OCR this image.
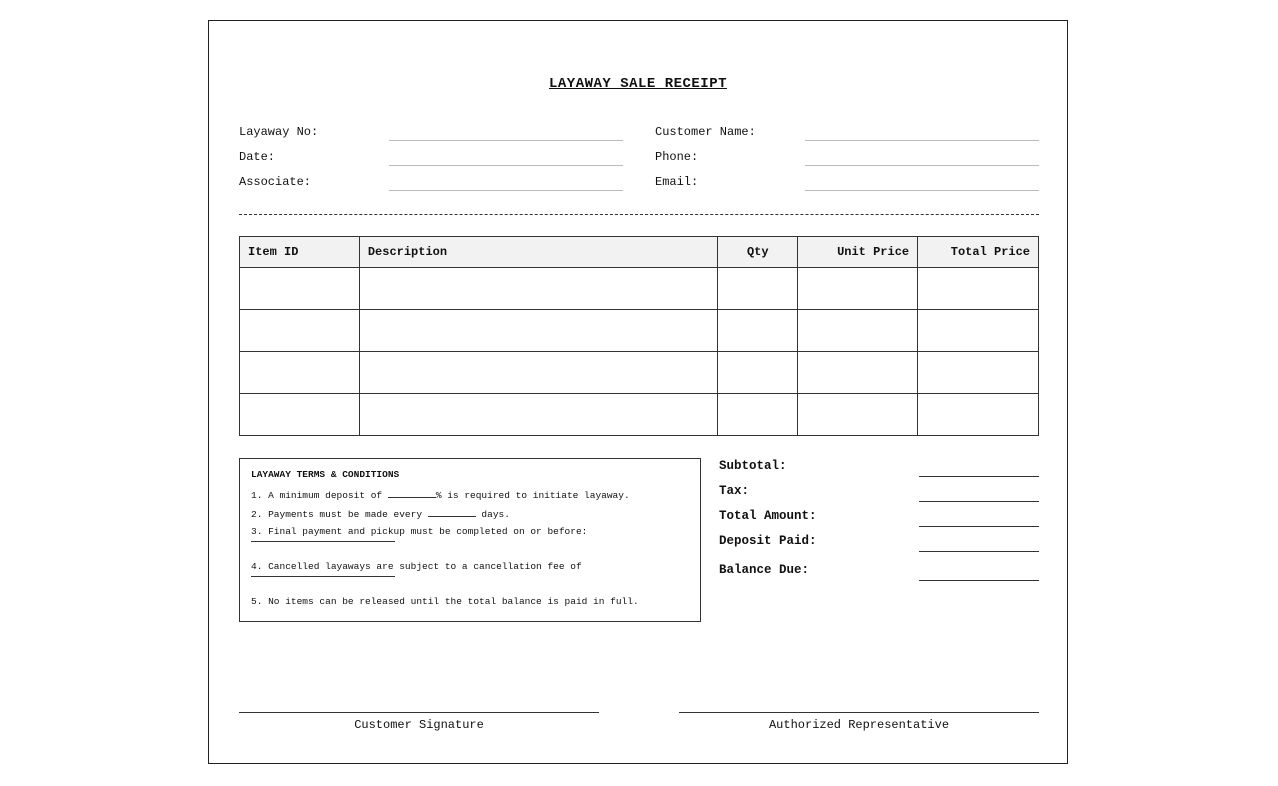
LAYAWAY SALE RECEIPT
Layaway No:
Date:
Associate:
Customer Name:
Phone:
Email:
Item ID	Description	Qty	Unit Price	Total Price

LAYAWAY TERMS & CONDITIONS
1. A minimum deposit of	% is required to initiate layaway.
2. Payments must be made every	days.
3. Final payment and pickup must be completed on or before:
4. Cancelled layaways are subject to a cancellation fee of
5. No items can be released until the total balance is paid in full.
Subtotal:
Tax:
Total Amount:
Deposit Paid:
Balance Due:
Customer Signature	Authorized Representative
